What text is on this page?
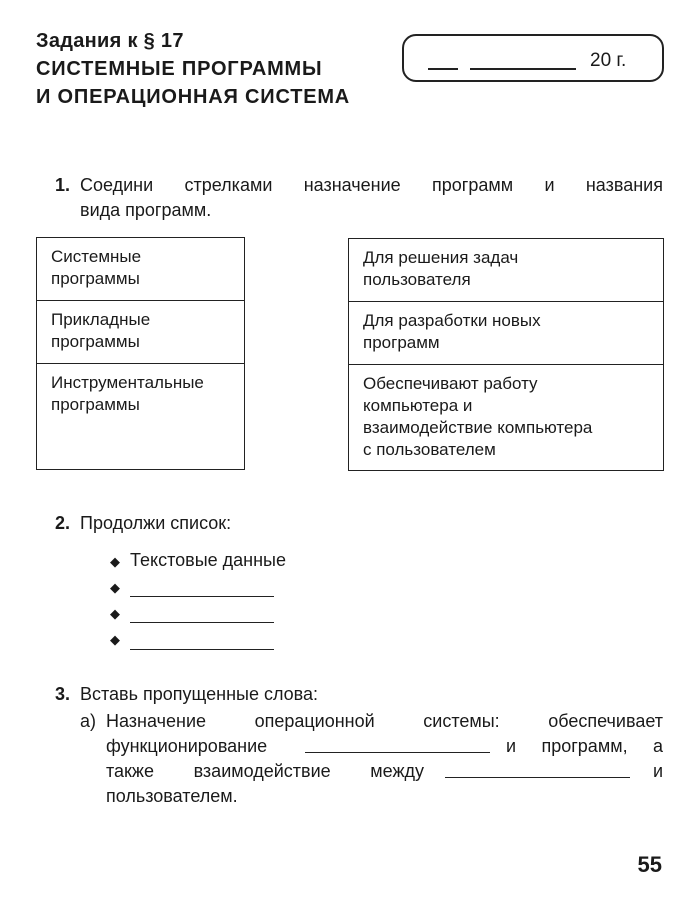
Задания к § 17
СИСТЕМНЫЕ ПРОГРАММЫ
И ОПЕРАЦИОННАЯ СИСТЕМА
20 г.
1. Соедини стрелками назначение программ и названия
вида программ.
Системные
программы
Прикладные
программы
Инструментальные
программы
Для решения задач
пользователя
Для разработки новых
программ
Обеспечивают работу
компьютера и
взаимодействие компьютера
с пользователем
2. Продолжи список:
◆ Текстовые данные
◆
◆
◆
3. Вставь пропущенные слова:
а) Назначение операционной системы: обеспечивает
функционирование	и программ, а
также взаимодействие между	и
пользователем.
55
